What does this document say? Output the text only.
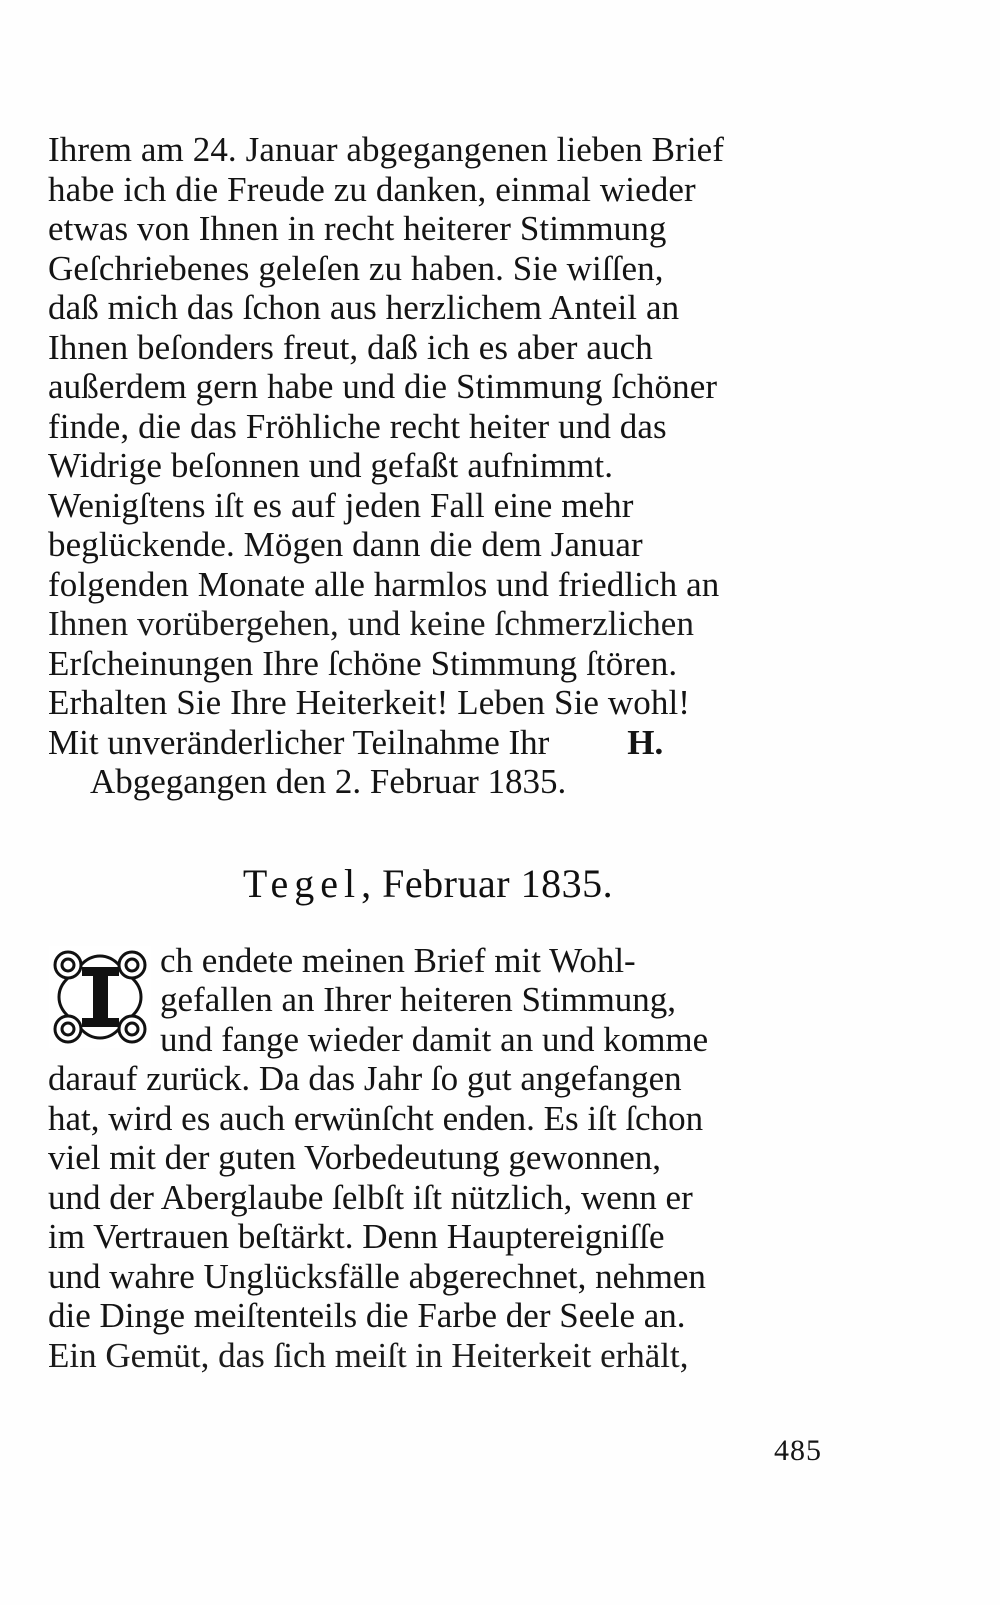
Ihrem am 24. Januar abgegangenen lieben Brief
habe ich die Freude zu danken, einmal wieder
etwas von Ihnen in recht heiterer Stimmung
Geſchriebenes geleſen zu haben. Sie wiſſen,
daß mich das ſchon aus herzlichem Anteil an
Ihnen beſonders freut, daß ich es aber auch
außerdem gern habe und die Stimmung ſchöner
finde, die das Fröhliche recht heiter und das
Widrige beſonnen und gefaßt aufnimmt.
Wenigſtens iſt es auf jeden Fall eine mehr
beglückende. Mögen dann die dem Januar
folgenden Monate alle harmlos und friedlich an
Ihnen vorübergehen, und keine ſchmerzlichen
Erſcheinungen Ihre ſchöne Stimmung ſtören.
Erhalten Sie Ihre Heiterkeit! Leben Sie wohl!
Mit unveränderlicher Teilnahme Ihr H.
Abgegangen den 2. Februar 1835.
Tegel, Februar 1835.
ch endete meinen Brief mit Wohl-
gefallen an Ihrer heiteren Stimmung,
und fange wieder damit an und komme
darauf zurück. Da das Jahr ſo gut angefangen
hat, wird es auch erwünſcht enden. Es iſt ſchon
viel mit der guten Vorbedeutung gewonnen,
und der Aberglaube ſelbſt iſt nützlich, wenn er
im Vertrauen beſtärkt. Denn Hauptereigniſſe
und wahre Unglücksfälle abgerechnet, nehmen
die Dinge meiſtenteils die Farbe der Seele an.
Ein Gemüt, das ſich meiſt in Heiterkeit erhält,
485
